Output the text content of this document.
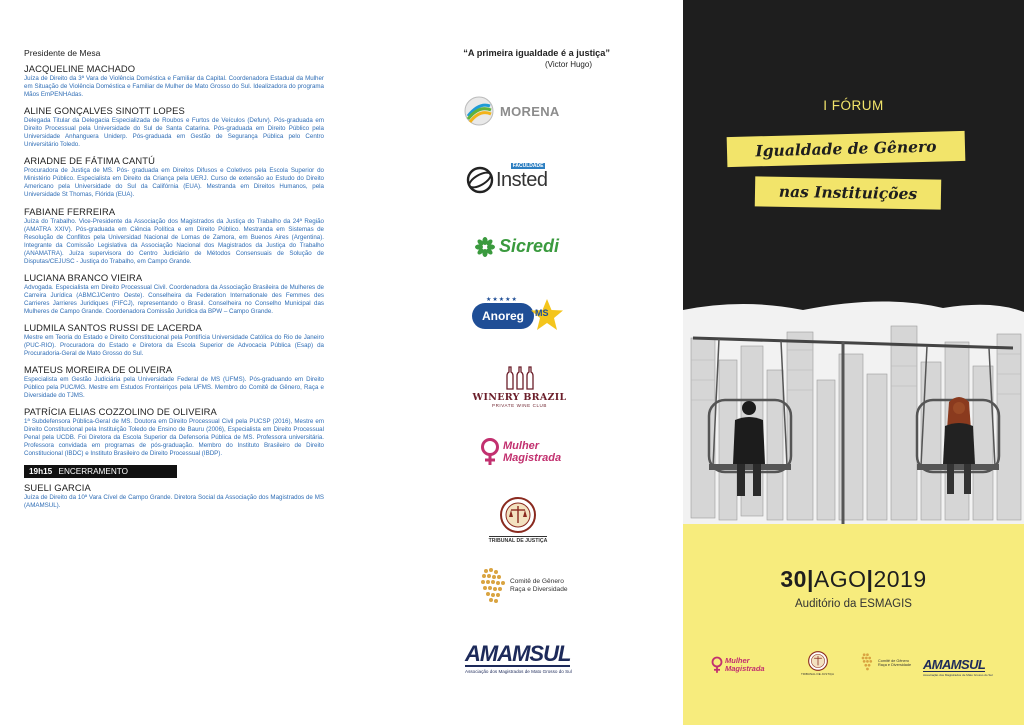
Presidente de Mesa
JACQUELINE MACHADO
Juíza de Direito da 3ª Vara de Violência Doméstica e Familiar da Capital. Coordenadora Estadual da Mulher em Situação de Violência Doméstica e Familiar de Mulher de Mato Grosso do Sul. Idealizadora do programa Mãos EmPENHAdas.
ALINE GONÇALVES SINOTT LOPES
Delegada Titular da Delegacia Especializada de Roubos e Furtos de Veículos (Defurv). Pós-graduada em Direito Processual pela Universidade do Sul de Santa Catarina. Pós-graduada em Direito Público pela Universidade Anhanguera Uniderp. Pós-graduada em Gestão de Segurança Pública pelo Centro Universitário Toledo.
ARIADNE DE FÁTIMA CANTÚ
Procuradora de Justiça de MS. Pós- graduada em Direitos Difusos e Coletivos pela Escola Superior do Ministério Público. Especialista em Direito da Criança pela UERJ. Curso de extensão ao Estudo do Direito Americano pela Universidade do Sul da Califórnia (EUA). Mestranda em Direitos Humanos, pela Universidade St Thomas, Flórida (EUA).
FABIANE FERREIRA
Juíza do Trabalho. Vice-Presidente da Associação dos Magistrados da Justiça do Trabalho da 24ª Região (AMATRA XXIV). Pós-graduada em Ciência Política e em Direito Público. Mestranda em Sistemas de Resolução de Conflitos pela Universidad Nacional de Lomas de Zamora, em Buenos Aires (Argentina). Integrante da Comissão Legislativa da Associação Nacional dos Magistrados da Justiça do Trabalho (ANAMATRA). Juíza supervisora do Centro Judiciário de Métodos Consensuais de Solução de Disputas/CEJUSC - Justiça do Trabalho, em Campo Grande.
LUCIANA BRANCO VIEIRA
Advogada. Especialista em Direito Processual Civil. Coordenadora da Associação Brasileira de Mulheres de Carreira Jurídica (ABMCJ/Centro Oeste). Conselheira da Federation Internationale des Femmes des Carrieres Jarrieres Juridiques (FIFCJ), representando o Brasil. Conselheira no Conselho Municipal das Mulheres de Campo Grande. Coordenadora Comissão Jurídica da BPW – Campo Grande.
LUDMILA SANTOS RUSSI DE LACERDA
Mestre em Teoria do Estado e Direito Constitucional pela Pontifícia Universidade Católica do Rio de Janeiro (PUC-RIO). Procuradora do Estado e Diretora da Escola Superior de Advocacia Pública (Esap) da Procuradoria-Geral de Mato Grosso do Sul.
MATEUS MOREIRA DE OLIVEIRA
Especialista em Gestão Judiciária pela Universidade Federal de MS (UFMS). Pós-graduando em Direito Público pela PUC/MG. Mestre em Estudos Fronteiriços pela UFMS. Membro do Comitê de Gênero, Raça e Diversidade do TJMS.
PATRÍCIA ELIAS COZZOLINO DE OLIVEIRA
1ª Subdefensora Pública-Geral de MS. Doutora em Direito Processual Civil pela PUCSP (2016), Mestre em Direito Constitucional pela Instituição Toledo de Ensino de Bauru (2006), Especialista em Direito Processual Penal pela UCDB. Foi Diretora da Escola Superior da Defensoria Pública de MS. Professora universitária. Professora convidada em programas de pós-graduação. Membro do Instituto Brasileiro de Direito Constitucional (IBDC) e Instituto Brasileiro de Direito Processual (IBDP).
19h15 ENCERRAMENTO
SUELI GARCIA
Juíza de Direito da 10ª Vara Cível de Campo Grande. Diretora Social da Associação dos Magistrados de MS (AMAMSUL).
“A primeira igualdade é a justiça”
(Victor Hugo)
MORENA
FACULDADE
Insted
Sicredi
★★★★★
Anoreg	MS
WINERY BRAZIL
PRIVATE WINE CLUB
Mulher
Magistrada
TRIBUNAL DE JUSTIÇA
Comitê de Gênero
Raça e Diversidade
AMAMSUL
Associação dos Magistrados de Mato Grosso do Sul
I FÓRUM
Igualdade de Gênero
nas Instituições
30|AGO|2019
Auditório da ESMAGIS
Mulher
Magistrada
TRIBUNAL DE JUSTIÇA
Comitê de Gênero
Raça e Diversidade AMAMSUL
Associação dos Magistrados de Mato Grosso do Sul
